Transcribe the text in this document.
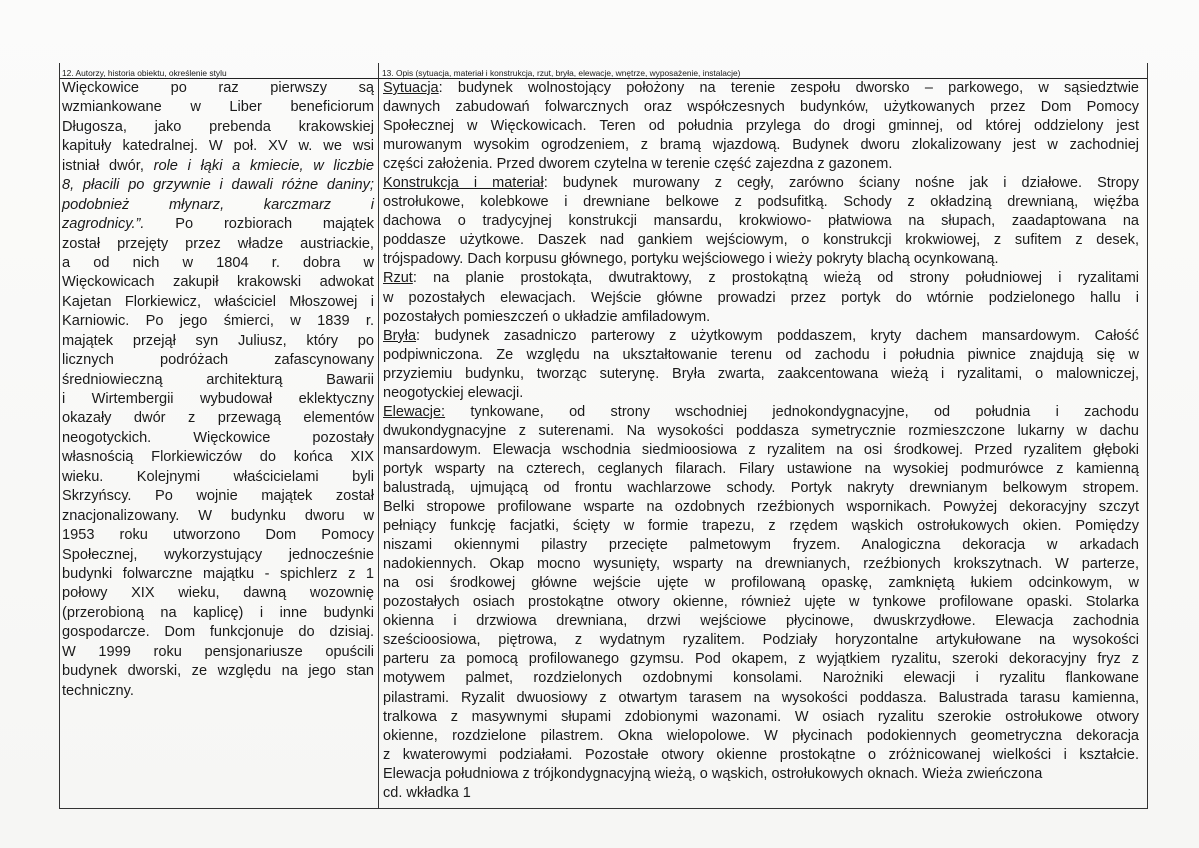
12. Autorzy, historia obiektu, określenie stylu	13. Opis (sytuacja, materiał i konstrukcja, rzut, bryła, elewacje, wnętrze, wyposażenie, instalacje)
Więckowice po raz pierwszy są
wzmiankowane w Liber beneficiorum
Długosza, jako prebenda krakowskiej
kapituły katedralnej. W poł. XV w. we wsi
istniał dwór, role i łąki a kmiecie, w liczbie
8, płacili po grzywnie i dawali różne daniny;
podobnież młynarz, karczmarz i
zagrodnicy.”. Po rozbiorach majątek
został przejęty przez władze austriackie,
a od nich w 1804 r. dobra w
Więckowicach zakupił krakowski adwokat
Kajetan Florkiewicz, właściciel Młoszowej i
Karniowic. Po jego śmierci, w 1839 r.
majątek przejął syn Juliusz, który po
licznych podróżach zafascynowany
średniowieczną architekturą Bawarii
i Wirtembergii wybudował eklektyczny
okazały dwór z przewagą elementów
neogotyckich. Więckowice pozostały
własnością Florkiewiczów do końca XIX
wieku. Kolejnymi właścicielami byli
Skrzyńscy. Po wojnie majątek został
znacjonalizowany. W budynku dworu w
1953 roku utworzono Dom Pomocy
Społecznej, wykorzystujący jednocześnie
budynki folwarczne majątku - spichlerz z 1
połowy XIX wieku, dawną wozownię
(przerobioną na kaplicę) i inne budynki
gospodarcze. Dom funkcjonuje do dzisiaj.
W 1999 roku pensjonariusze opuścili
budynek dworski, ze względu na jego stan
techniczny.
Sytuacja: budynek wolnostojący położony na terenie zespołu dworsko – parkowego, w sąsiedztwie
dawnych zabudowań folwarcznych oraz współczesnych budynków, użytkowanych przez Dom Pomocy
Społecznej w Więckowicach. Teren od południa przylega do drogi gminnej, od której oddzielony jest
murowanym wysokim ogrodzeniem, z bramą wjazdową. Budynek dworu zlokalizowany jest w zachodniej
części założenia. Przed dworem czytelna w terenie część zajezdna z gazonem.
Konstrukcja i materiał: budynek murowany z cegły, zarówno ściany nośne jak i działowe. Stropy
ostrołukowe, kolebkowe i drewniane belkowe z podsufitką. Schody z okładziną drewnianą, więźba
dachowa o tradycyjnej konstrukcji mansardu, krokwiowo- płatwiowa na słupach, zaadaptowana na
poddasze użytkowe. Daszek nad gankiem wejściowym, o konstrukcji krokwiowej, z sufitem z desek,
trójspadowy. Dach korpusu głównego, portyku wejściowego i wieży pokryty blachą ocynkowaną.
Rzut: na planie prostokąta, dwutraktowy, z prostokątną wieżą od strony południowej i ryzalitami
w pozostałych elewacjach. Wejście główne prowadzi przez portyk do wtórnie podzielonego hallu i
pozostałych pomieszczeń o układzie amfiladowym.
Bryła: budynek zasadniczo parterowy z użytkowym poddaszem, kryty dachem mansardowym. Całość
podpiwniczona. Ze względu na ukształtowanie terenu od zachodu i południa piwnice znajdują się w
przyziemiu budynku, tworząc suterynę. Bryła zwarta, zaakcentowana wieżą i ryzalitami, o malowniczej,
neogotyckiej elewacji.
Elewacje: tynkowane, od strony wschodniej jednokondygnacyjne, od południa i zachodu
dwukondygnacyjne z suterenami. Na wysokości poddasza symetrycznie rozmieszczone lukarny w dachu
mansardowym. Elewacja wschodnia siedmioosiowa z ryzalitem na osi środkowej. Przed ryzalitem głęboki
portyk wsparty na czterech, ceglanych filarach. Filary ustawione na wysokiej podmurówce z kamienną
balustradą, ujmującą od frontu wachlarzowe schody. Portyk nakryty drewnianym belkowym stropem.
Belki stropowe profilowane wsparte na ozdobnych rzeźbionych wspornikach. Powyżej dekoracyjny szczyt
pełniący funkcję facjatki, ścięty w formie trapezu, z rzędem wąskich ostrołukowych okien. Pomiędzy
niszami okiennymi pilastry przecięte palmetowym fryzem. Analogiczna dekoracja w arkadach
nadokiennych. Okap mocno wysunięty, wsparty na drewnianych, rzeźbionych krokszytnach. W parterze,
na osi środkowej główne wejście ujęte w profilowaną opaskę, zamkniętą łukiem odcinkowym, w
pozostałych osiach prostokątne otwory okienne, również ujęte w tynkowe profilowane opaski. Stolarka
okienna i drzwiowa drewniana, drzwi wejściowe płycinowe, dwuskrzydłowe. Elewacja zachodnia
sześcioosiowa, piętrowa, z wydatnym ryzalitem. Podziały horyzontalne artykułowane na wysokości
parteru za pomocą profilowanego gzymsu. Pod okapem, z wyjątkiem ryzalitu, szeroki dekoracyjny fryz z
motywem palmet, rozdzielonych ozdobnymi konsolami. Narożniki elewacji i ryzalitu flankowane
pilastrami. Ryzalit dwuosiowy z otwartym tarasem na wysokości poddasza. Balustrada tarasu kamienna,
tralkowa z masywnymi słupami zdobionymi wazonami. W osiach ryzalitu szerokie ostrołukowe otwory
okienne, rozdzielone pilastrem. Okna wielopolowe. W płycinach podokiennych geometryczna dekoracja
z kwaterowymi podziałami. Pozostałe otwory okienne prostokątne o zróżnicowanej wielkości i kształcie.
Elewacja południowa z trójkondygnacyjną wieżą, o wąskich, ostrołukowych oknach. Wieża zwieńczona
cd. wkładka 1
